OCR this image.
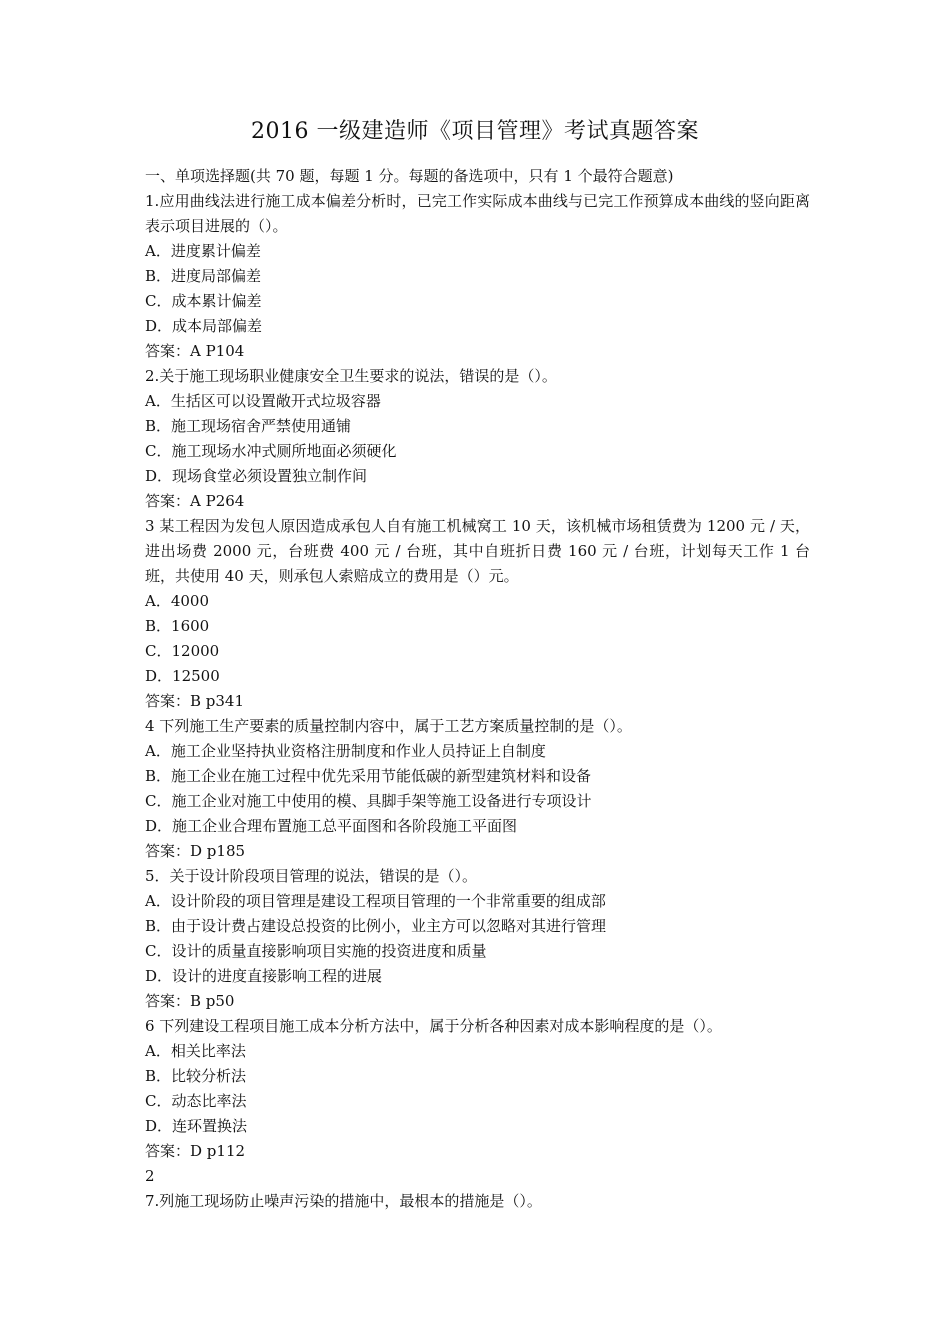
2016 一级建造师《项目管理》考试真题答案
一、单项选择题(共 70 题，每题 1 分。每题的备选项中，只有 1 个最符合题意)
1.应用曲线法进行施工成本偏差分析时，已完工作实际成本曲线与已完工作预算成本曲线的竖向距离表示项目进展的（）。
A．进度累计偏差
B．进度局部偏差
C．成本累计偏差
D．成本局部偏差
答案：A P104
2.关于施工现场职业健康安全卫生要求的说法，错误的是（）。
A．生括区可以设置敞开式垃圾容器
B．施工现场宿舍严禁使用通铺
C．施工现场水冲式厕所地面必须硬化
D．现场食堂必须设置独立制作间
答案：A P264
3 某工程因为发包人原因造成承包人自有施工机械窝工 10 天，该机械市场租赁费为 1200 元 / 天，进出场费 2000 元，台班费 400 元 / 台班，其中自班折日费 160 元 / 台班，计划每天工作 1 台班，共使用 40 天，则承包人索赔成立的费用是（）元。
A．4000
B．1600
C．12000
D．12500
答案：B p341
4 下列施工生产要素的质量控制内容中，属于工艺方案质量控制的是（）。
A．施工企业坚持执业资格注册制度和作业人员持证上自制度
B．施工企业在施工过程中优先采用节能低碳的新型建筑材料和设备
C．施工企业对施工中使用的模、具脚手架等施工设备进行专项设计
D．施工企业合理布置施工总平面图和各阶段施工平面图
答案：D p185
5．关于设计阶段项目管理的说法，错误的是（）。
A．设计阶段的项目管理是建设工程项目管理的一个非常重要的组成部
B．由于设计费占建设总投资的比例小，业主方可以忽略对其进行管理
C．设计的质量直接影响项目实施的投资进度和质量
D．设计的进度直接影响工程的进展
答案：B p50
6 下列建设工程项目施工成本分析方法中，属于分析各种因素对成本影响程度的是（）。
A．相关比率法
B．比较分析法
C．动态比率法
D．连环置换法
答案：D p112
2
7.列施工现场防止噪声污染的措施中，最根本的措施是（）。
